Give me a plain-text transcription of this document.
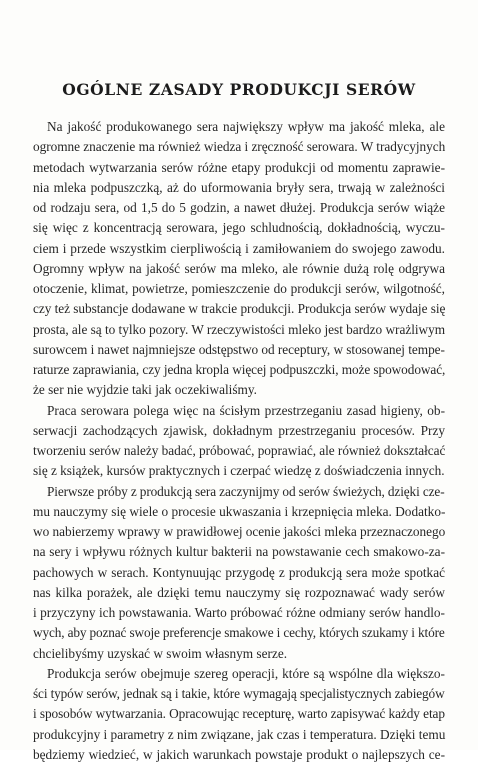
OGÓLNE ZASADY PRODUKCJI SERÓW
Na jakość produkowanego sera największy wpływ ma jakość mleka, ale
ogromne znaczenie ma również wiedza i zręczność serowara. W tradycyjnych
metodach wytwarzania serów różne etapy produkcji od momentu zaprawie-
nia mleka podpuszczką, aż do uformowania bryły sera, trwają w zależności
od rodzaju sera, od 1,5 do 5 godzin, a nawet dłużej. Produkcja serów wiąże
się więc z koncentracją serowara, jego schludnością, dokładnością, wyczu-
ciem i przede wszystkim cierpliwością i zamiłowaniem do swojego zawodu.
Ogromny wpływ na jakość serów ma mleko, ale równie dużą rolę odgrywa
otoczenie, klimat, powietrze, pomieszczenie do produkcji serów, wilgotność,
czy też substancje dodawane w trakcie produkcji. Produkcja serów wydaje się
prosta, ale są to tylko pozory. W rzeczywistości mleko jest bardzo wrażliwym
surowcem i nawet najmniejsze odstępstwo od receptury, w stosowanej tempe-
raturze zaprawiania, czy jedna kropla więcej podpuszczki, może spowodować,
że ser nie wyjdzie taki jak oczekiwaliśmy.
Praca serowara polega więc na ścisłym przestrzeganiu zasad higieny, ob-
serwacji zachodzących zjawisk, dokładnym przestrzeganiu procesów. Przy
tworzeniu serów należy badać, próbować, poprawiać, ale również dokształcać
się z książek, kursów praktycznych i czerpać wiedzę z doświadczenia innych.
Pierwsze próby z produkcją sera zaczynijmy od serów świeżych, dzięki cze-
mu nauczymy się wiele o procesie ukwaszania i krzepnięcia mleka. Dodatko-
wo nabierzemy wprawy w prawidłowej ocenie jakości mleka przeznaczonego
na sery i wpływu różnych kultur bakterii na powstawanie cech smakowo-za-
pachowych w serach. Kontynuując przygodę z produkcją sera może spotkać
nas kilka porażek, ale dzięki temu nauczymy się rozpoznawać wady serów
i przyczyny ich powstawania. Warto próbować różne odmiany serów handlo-
wych, aby poznać swoje preferencje smakowe i cechy, których szukamy i które
chcielibyśmy uzyskać w swoim własnym serze.
Produkcja serów obejmuje szereg operacji, które są wspólne dla większo-
ści typów serów, jednak są i takie, które wymagają specjalistycznych zabiegów
i sposobów wytwarzania. Opracowując recepturę, warto zapisywać każdy etap
produkcyjny i parametry z nim związane, jak czas i temperatura. Dzięki temu
będziemy wiedzieć, w jakich warunkach powstaje produkt o najlepszych ce-
